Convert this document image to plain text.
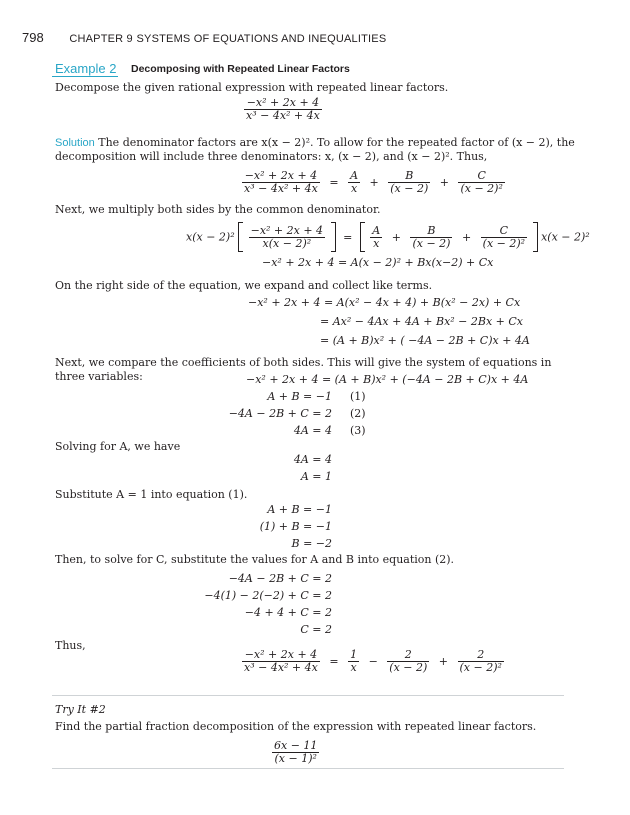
798 CHAPTER 9 SYSTEMS OF EQUATIONS AND INEQUALITIES
Example 2 Decomposing with Repeated Linear Factors
Decompose the given rational expression with repeated linear factors.
$\frac{\text{−x² + 2x + 4}}{\text{x³ − 4x² + 4x}}$
Solution The denominator factors are x(x − 2)². To allow for the repeated factor of (x − 2), the decomposition will include three denominators: x, (x − 2), and (x − 2)². Thus,
$\frac{\text{−x² + 2x + 4}}{\text{x³ − 4x² + 4x}} = \frac{A}{x} + \frac{B}{(x - 2)} + \frac{C}{\text{(x − 2)²}}$
Next, we multiply both sides by the common denominator.
$x(x - 2)^2 \frac{\text{−x² + 2x + 4}}{\text{x(x − 2)²}} = \frac{A}{x} + \frac{B}{(x - 2)} + \frac{C}{\text{(x − 2)²}} x(x - 2)^2$
−x² + 2x + 4 = A(x − 2)² + Bx(x−2) + Cx
On the right side of the equation, we expand and collect like terms.
−x² + 2x + 4 = A(x² − 4x + 4) + B(x² − 2x) + Cx
= Ax² − 4Ax + 4A + Bx² − 2Bx + Cx
= (A + B)x² + ( −4A − 2B + C)x + 4A
Next, we compare the coefficients of both sides. This will give the system of equations in three variables:	−x² + 2x + 4 = (A + B)x² + (−4A − 2B + C)x + 4A
A + B = −1 (1)
−4A − 2B + C = 2 (2)
4A = 4 (3)
Solving for A, we have
4A = 4
A = 1
Substitute A = 1 into equation (1).
A + B = −1
(1) + B = −1
B = −2
Then, to solve for C, substitute the values for A and B into equation (2).
−4A − 2B + C = 2
−4(1) − 2(−2) + C = 2
−4 + 4 + C = 2
C = 2
Thus,
$\frac{\text{−x² + 2x + 4}}{\text{x³ − 4x² + 4x}} = \frac{1}{x} - \frac{2}{(x - 2)} + \frac{2}{\text{(x − 2)²}}$
Try It #2
Find the partial fraction decomposition of the expression with repeated linear factors.
$\frac{6x - 11}{\text{(x − 1)²}}$
